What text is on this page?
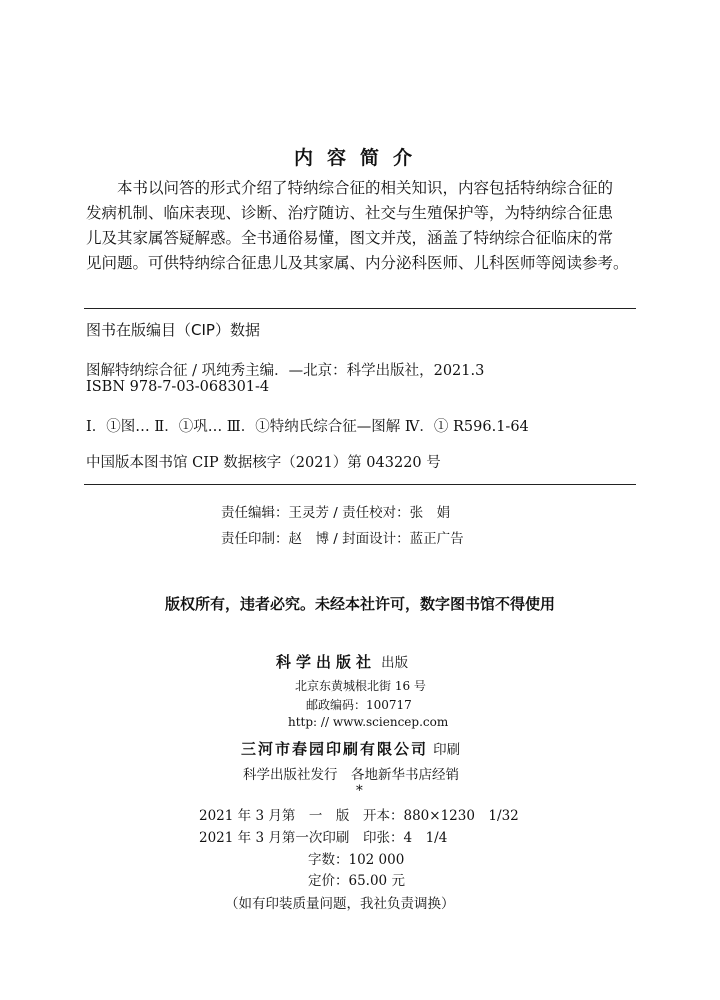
内容简介
本书以问答的形式介绍了特纳综合征的相关知识，内容包括特纳综合征的
发病机制、临床表现、诊断、治疗随访、社交与生殖保护等，为特纳综合征患
儿及其家属答疑解惑。全书通俗易懂，图文并茂，涵盖了特纳综合征临床的常
见问题。可供特纳综合征患儿及其家属、内分泌科医师、儿科医师等阅读参考。
图书在版编目（CIP）数据
图解特纳综合征 / 巩纯秀主编．—北京：科学出版社，2021.3
ISBN 978-7-03-068301-4
Ⅰ．①图… Ⅱ．①巩… Ⅲ．①特纳氏综合征—图解 Ⅳ．① R596.1-64
中国版本图书馆 CIP 数据核字（2021）第 043220 号
责任编辑：王灵芳 / 责任校对：张　娟
责任印制：赵　博 / 封面设计：蓝正广告
版权所有，违者必究。未经本社许可，数字图书馆不得使用
科学出版社 出版
北京东黄城根北街 16 号
邮政编码：100717
http: // www.sciencep.com
三河市春园印刷有限公司 印刷
科学出版社发行　各地新华书店经销
*
2021 年 3 月第　一　版 开本：880×1230　1/32
2021 年 3 月第一次印刷 印张：4　1/4
字数：102 000
定价：65.00 元
（如有印装质量问题，我社负责调换）
